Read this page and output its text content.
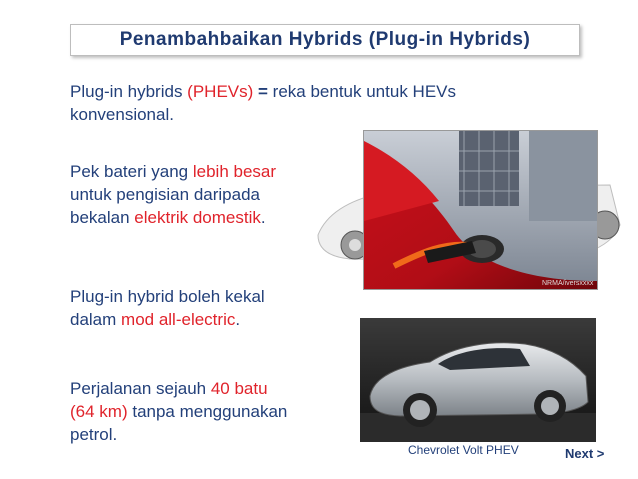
Penambahbaikan Hybrids (Plug-in Hybrids)
Plug-in hybrids (PHEVs) = reka bentuk untuk HEVs
konvensional.
Pek bateri yang lebih besar
untuk pengisian daripada
bekalan elektrik domestik.
Plug-in hybrid boleh kekal
dalam mod all-electric.
Perjalanan sejauh 40 batu
(64 km) tanpa menggunakan
petrol.
NRMA/iversxxxx
Chevrolet Volt PHEV	Next >
